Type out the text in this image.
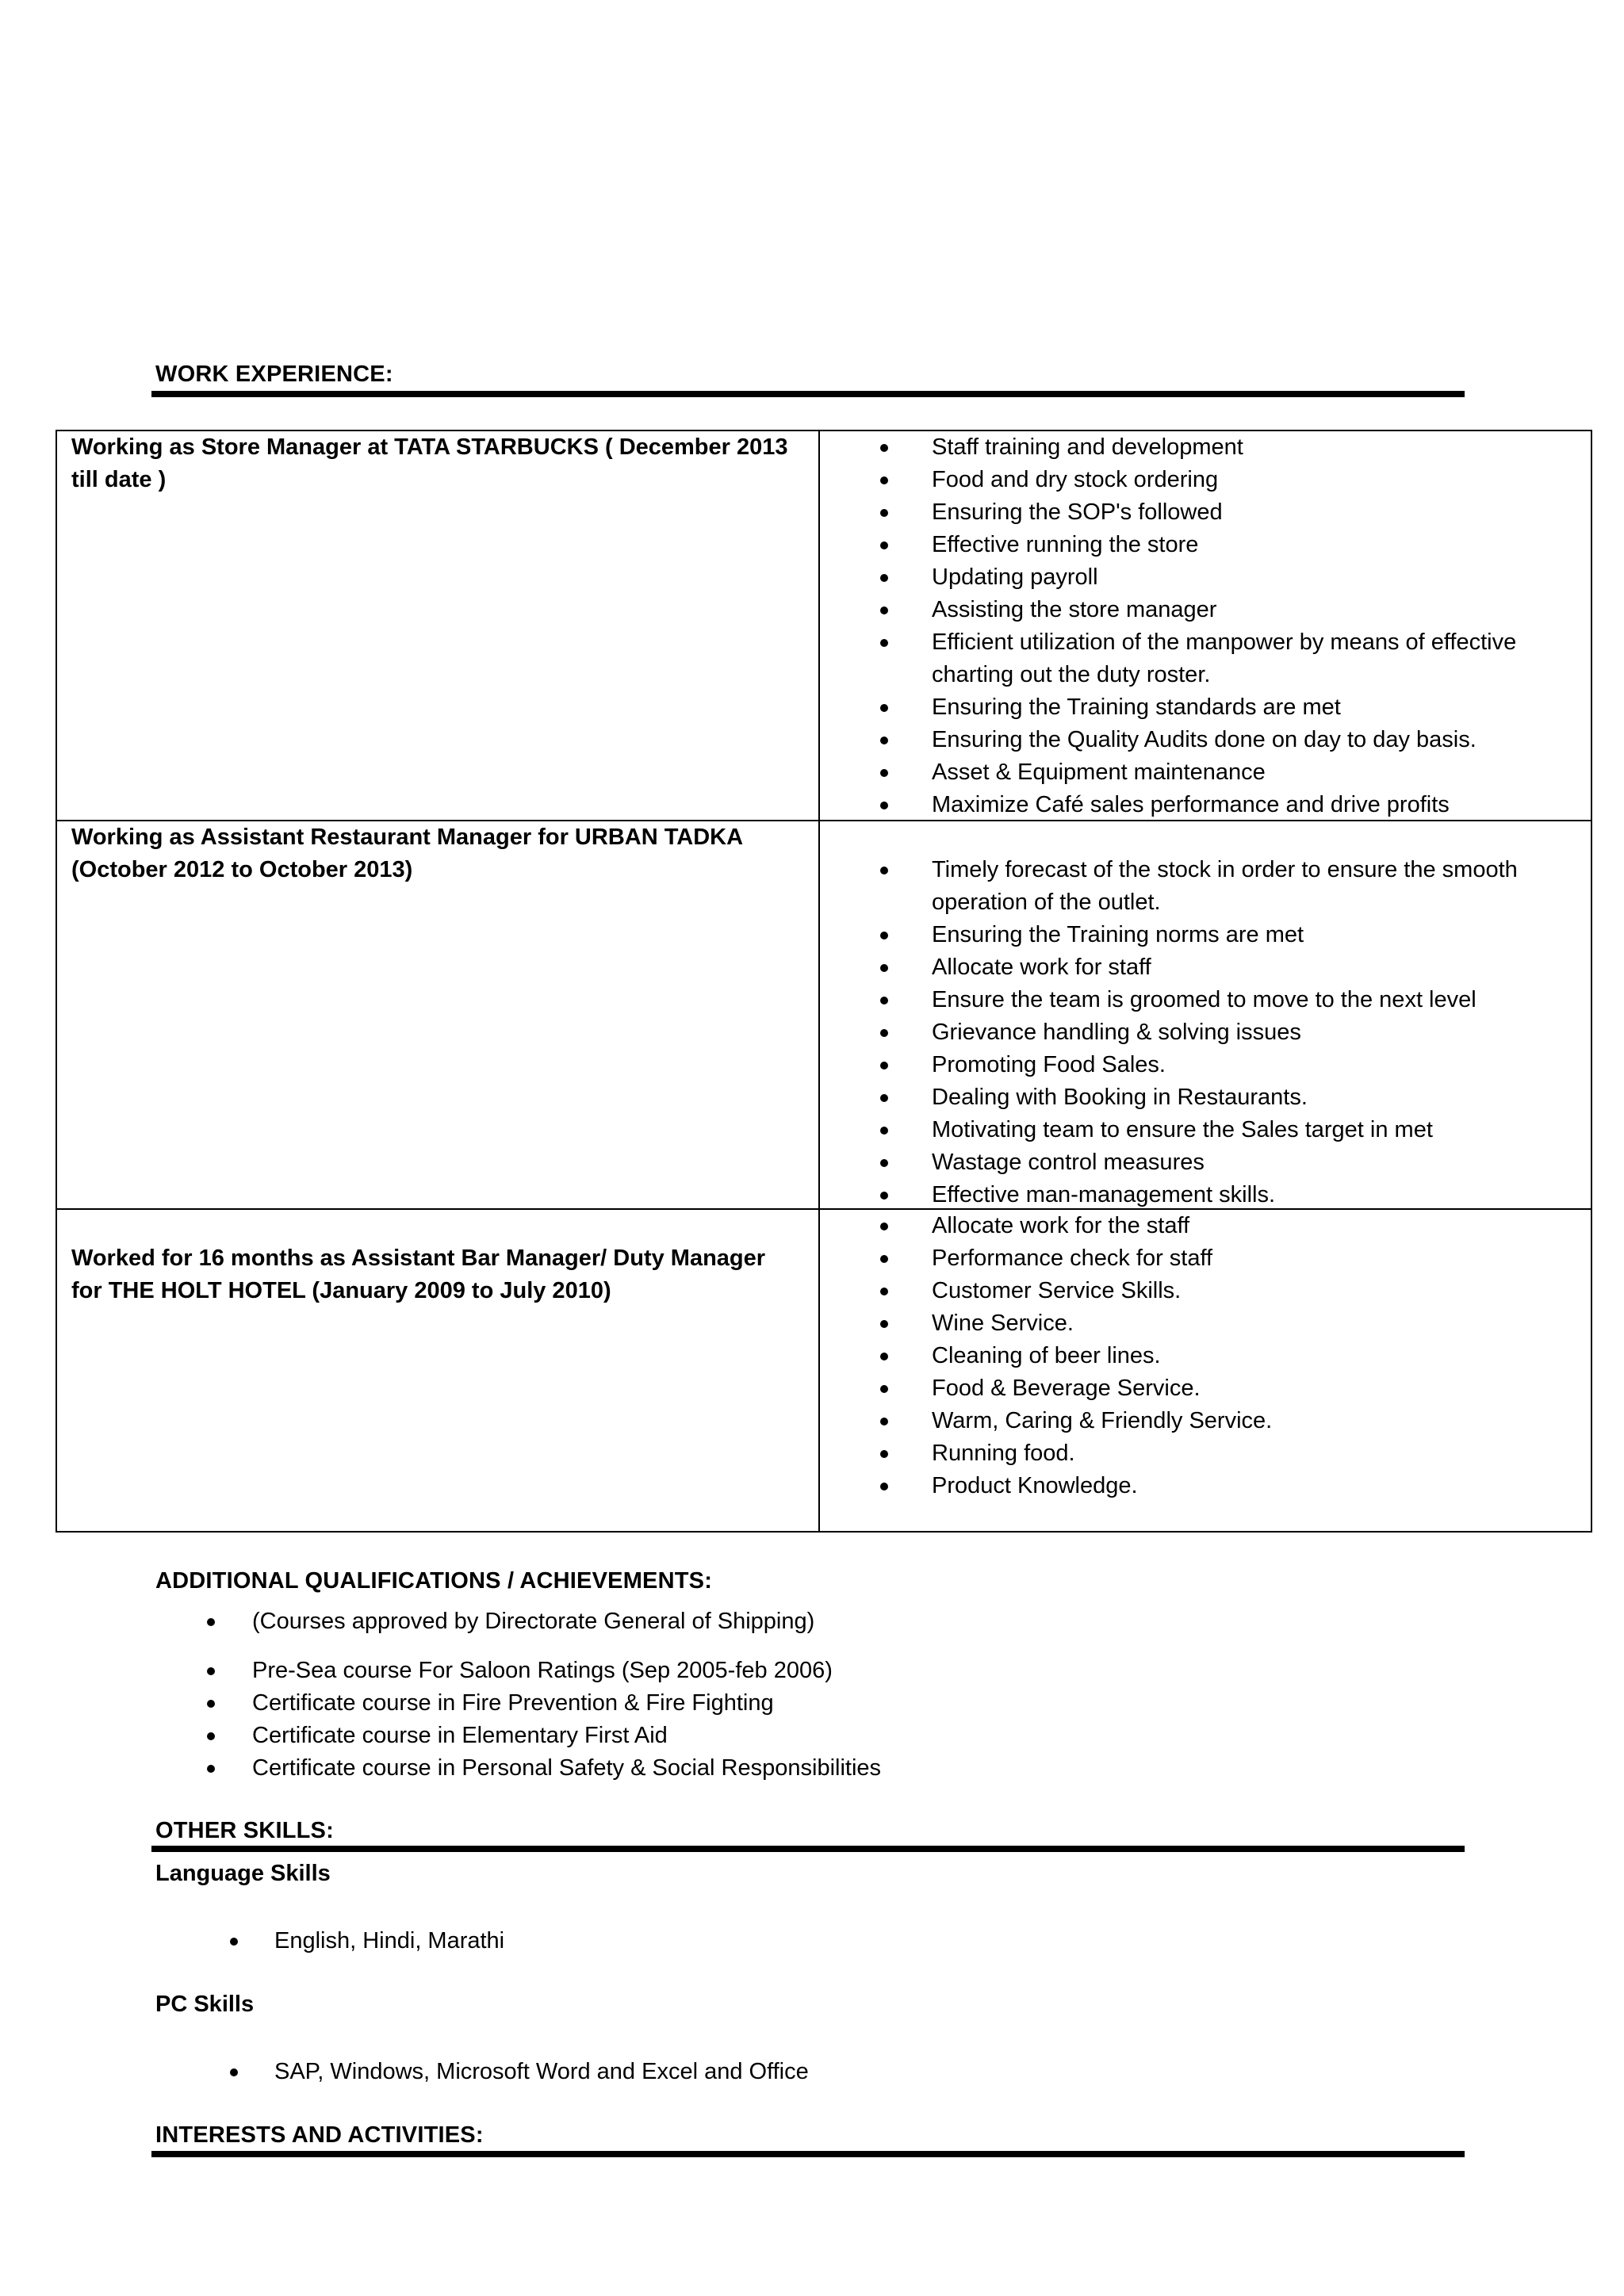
WORK EXPERIENCE:
Working as Store Manager at TATA STARBUCKS ( December 2013 till date )
Staff training and development
Food and dry stock ordering
Ensuring the SOP's followed
Effective running the store
Updating payroll
Assisting the store manager
Efficient utilization of the manpower by means of effective charting out the duty roster.
Ensuring the Training standards are met
Ensuring the Quality Audits done on day to day basis.
Asset & Equipment maintenance
Maximize Café sales performance and drive profits
Working as Assistant Restaurant Manager for URBAN TADKA (October 2012 to October 2013)	Timely forecast of the stock in order to ensure the smooth operation of the outlet.
Ensuring the Training norms are met
Allocate work for staff
Ensure the team is groomed to move to the next level
Grievance handling & solving issues
Promoting Food Sales.
Dealing with Booking in Restaurants.
Motivating team to ensure the Sales target in met
Wastage control measures
Effective man-management skills.
Worked for 16 months as Assistant Bar Manager/ Duty Manager for THE HOLT HOTEL (January 2009 to July 2010)
Allocate work for the staff
Performance check for staff
Customer Service Skills.
Wine Service.
Cleaning of beer lines.
Food & Beverage Service.
Warm, Caring & Friendly Service.
Running food.
Product Knowledge.
ADDITIONAL QUALIFICATIONS / ACHIEVEMENTS:
(Courses approved by Directorate General of Shipping)
Pre-Sea course For Saloon Ratings (Sep 2005-feb 2006)
Certificate course in Fire Prevention & Fire Fighting
Certificate course in Elementary First Aid
Certificate course in Personal Safety & Social Responsibilities
OTHER SKILLS:
Language Skills
English, Hindi, Marathi
PC Skills
SAP, Windows, Microsoft Word and Excel and Office
INTERESTS AND ACTIVITIES:
